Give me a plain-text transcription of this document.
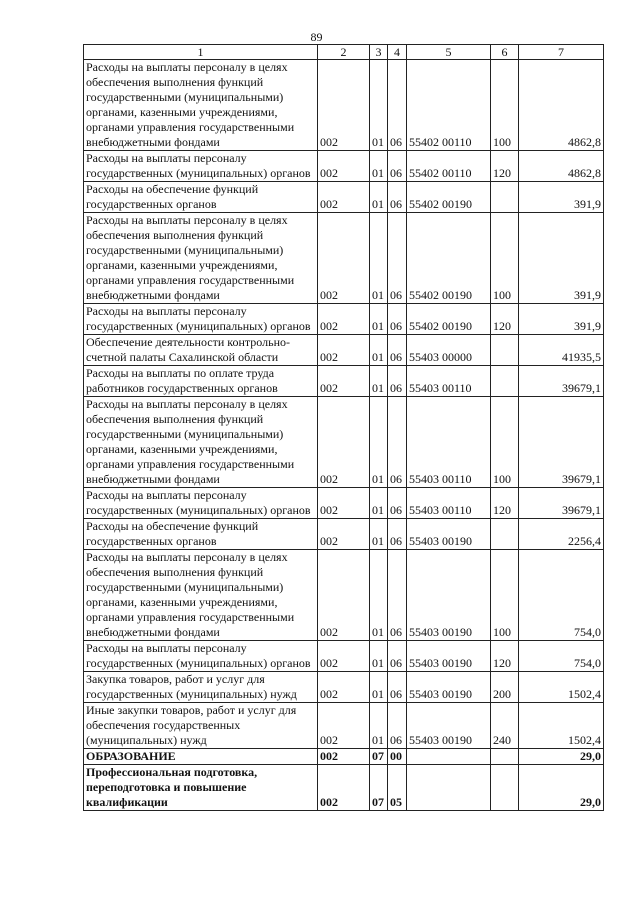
89
1	2	3	4	5	6	7
Расходы на выплаты персоналу в целях обеспечения выполнения функций государственными (муниципальными) органами, казенными учреждениями, органами управления государственными внебюджетными фондами	002	01	06	55402 00110	100	4862,8
Расходы на выплаты персоналу государственных (муниципальных) органов	002	01	06	55402 00110	120	4862,8
Расходы на обеспечение функций государственных органов	002	01	06	55402 00190		391,9
Расходы на выплаты персоналу в целях обеспечения выполнения функций государственными (муниципальными) органами, казенными учреждениями, органами управления государственными внебюджетными фондами	002	01	06	55402 00190	100	391,9
Расходы на выплаты персоналу государственных (муниципальных) органов	002	01	06	55402 00190	120	391,9
Обеспечение деятельности контрольно-счетной палаты Сахалинской области	002	01	06	55403 00000		41935,5
Расходы на выплаты по оплате труда работников государственных органов	002	01	06	55403 00110		39679,1
Расходы на выплаты персоналу в целях обеспечения выполнения функций государственными (муниципальными) органами, казенными учреждениями, органами управления государственными внебюджетными фондами	002	01	06	55403 00110	100	39679,1
Расходы на выплаты персоналу государственных (муниципальных) органов	002	01	06	55403 00110	120	39679,1
Расходы на обеспечение функций государственных органов	002	01	06	55403 00190		2256,4
Расходы на выплаты персоналу в целях обеспечения выполнения функций государственными (муниципальными) органами, казенными учреждениями, органами управления государственными внебюджетными фондами	002	01	06	55403 00190	100	754,0
Расходы на выплаты персоналу государственных (муниципальных) органов	002	01	06	55403 00190	120	754,0
Закупка товаров, работ и услуг для государственных (муниципальных) нужд	002	01	06	55403 00190	200	1502,4
Иные закупки товаров, работ и услуг для обеспечения государственных (муниципальных) нужд	002	01	06	55403 00190	240	1502,4
ОБРАЗОВАНИЕ	002	07	00			29,0
Профессиональная подготовка, переподготовка и повышение квалификации	002	07	05			29,0
